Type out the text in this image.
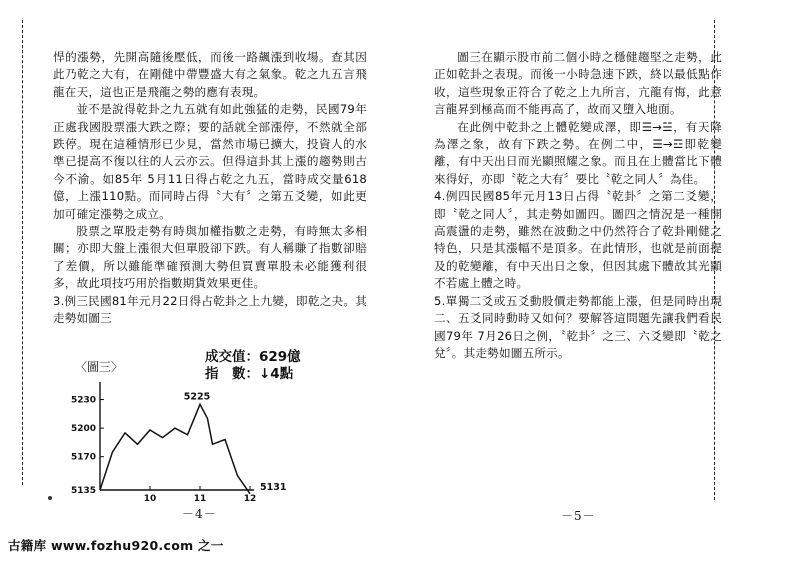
悍的漲勢，先開高隨後壓低，而後一路飆漲到收場。查其因此乃乾之大有，在剛健中帶豐盛大有之氣象。乾之九五言飛龍在天，這也正是飛龍之勢的應有表現。

並不是說得乾卦之九五就有如此強猛的走勢，民國79年正處我國股票漲大跌之際；要的話就全部漲停，不然就全部跌停。現在這種情形已少見，當然市場已擴大，投資人的水準已提高不復以往的人云亦云。但得這卦其上漲的趨勢則古今不渝。如85年 5月11日得占乾之九五，當時成交量618億，上漲110點。而同時占得〝大有〞之第五爻變，如此更加可確定漲勢之成立。

股票之單股走勢有時與加權指數之走勢，有時無太多相關；亦即大盤上漲很大但單股卻下跌。有人稱賺了指數卻賠了差價，所以雖能準確預測大勢但買賣單股未必能獲利很多，故此項技巧用於指數期貨效果更佳。

3.例三民國81年元月22日得占乾卦之上九變，即乾之夬。其走勢如圖三

〈圖三〉
成交值：629億
指　數：↓4點
5135
5170
5200
5230
10	11	12
5225
5131
－4－

圖三在顯示股市前二個小時之穩健趨堅之走勢，此正如乾卦之表現。而後一小時急速下跌，終以最低點作收，這些現象正符合了乾之上九所言，亢龍有悔，此意言龍昇到極高而不能再高了，故而又墮入地面。

在此例中乾卦之上體乾變成澤，即☰→☱，有天降為澤之象，故有下跌之勢。在例二中，☰→☲即乾變離，有中天出日而光顯照耀之象。而且在上體當比下體來得好，亦即〝乾之大有〞要比〝乾之同人〞為佳。

4.例四民國85年元月13日占得〝乾卦〞之第二爻變，即〝乾之同人〞，其走勢如圖四。圖四之情況是一種開高震盪的走勢，雖然在波動之中仍然符合了乾卦剛健之特色，只是其漲幅不是頂多。在此情形，也就是前面提及的乾變離，有中天出日之象，但因其處下體故其光顯不若處上體之時。

5.單獨二爻或五爻動股價走勢都能上漲，但是同時出現二、五爻同時動時又如何？要解答這問題先讓我們看民國79年 7月26日之例，〝乾卦〞之三、六爻變即〝乾之兌〞。其走勢如圖五所示。

－5－
古籍库 www.fozhu920.com 之一
